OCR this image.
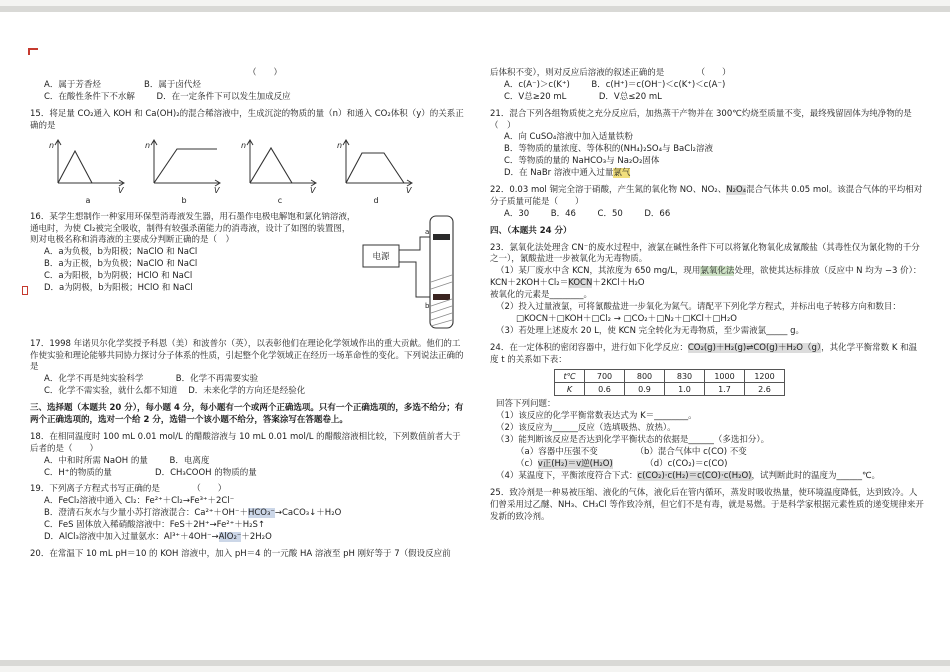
（　　）

A．属于芳香烃                B．属于卤代烃

C．在酸性条件下不水解        D．在一定条件下可以发生加成反应

15．将足量 CO₂通入 KOH 和 Ca(OH)₂的混合稀溶液中，生成沉淀的物质的量（n）和通入 CO₂体积（y）的关系正确的是

n
V
a
n
V
b
n
V
c
n
V
d
电源
a
b

16．某学生想制作一种家用环保型消毒液发生器，用石墨作电极电解饱和氯化钠溶液，通电时，为使 Cl₂被完全吸收，制得有较强杀菌能力的消毒液，设计了如图的装置图，则对电极名称和消毒液的主要成分判断正确的是（　）

A．a为负极，b为阳极；NaClO 和 NaCl

B．a为正极，b为负极；NaClO 和 NaCl

C．a为阳极，b为阴极；HClO 和 NaCl

D．a为阴极，b为阳极；HClO 和 NaCl

17．1998 年诺贝尔化学奖授予科恩（美）和波普尔（英），以表彰他们在理论化学领域作出的重大贡献。他们的工作使实验和理论能够共同协力探讨分子体系的性质，引起整个化学领域正在经历一场革命性的变化。下列说法正确的是

A．化学不再是纯实验科学            B．化学不再需要实验

C．化学不需实验，就什么都不知道    D．未来化学的方向还是经验化

三、选择题（本题共 20 分），每小题 4 分，每小题有一个或两个正确选项。只有一个正确选项的，多选不给分；有两个正确选项的，选对一个给 2 分，选错一个该小题不给分，答案涂写在答题卷上。

18．在相同温度时 100 mL 0.01 mol/L 的醋酸溶液与 10 mL 0.01 mol/L 的醋酸溶液相比较，下列数值前者大于后者的是（　　）

A．中和时所需 NaOH 的量        B．电离度

C．H⁺的物质的量                D．CH₃COOH 的物质的量

19．下列离子方程式书写正确的是            （　　）

A．FeCl₂溶液中通入 Cl₂：Fe²⁺＋Cl₂→Fe³⁺＋2Cl⁻

B．澄清石灰水与少量小苏打溶液混合：Ca²⁺＋OH⁻＋HCO₃⁻→CaCO₃↓＋H₂O

C．FeS 固体放入稀硝酸溶液中：FeS＋2H⁺→Fe²⁺＋H₂S↑

D．AlCl₃溶液中加入过量氨水：Al³⁺＋4OH⁻→AlO₂⁻＋2H₂O

20．在常温下 10 mL pH＝10 的 KOH 溶液中，加入 pH＝4 的一元酸 HA 溶液至 pH 刚好等于 7（假设反应前

后体积不变），则对反应后溶液的叙述正确的是            （　　）

A．c(A⁻)＞c(K⁺)        B．c(H⁺)＝c(OH⁻)＜c(K⁺)＜c(A⁻)

C．V总≥20 mL            D．V总≤20 mL

21．混合下列各组物质使之充分反应后，加热蒸干产物并在 300℃灼烧至质量不变，最终残留固体为纯净物的是（　）

A．向 CuSO₄溶液中加入适量铁粉

B．等物质的量浓度、等体积的(NH₄)₂SO₄与 BaCl₂溶液

C．等物质的量的 NaHCO₃与 Na₂O₂固体

D．在 NaBr 溶液中通入过量氯气

22．0.03 mol 铜完全溶于硝酸，产生氮的氧化物 NO、NO₂、N₂O₄混合气体共 0.05 mol。该混合气体的平均相对分子质量可能是（　　）

A．30        B．46        C．50        D．66

四、（本题共 24 分）

23．氯氧化法处理含 CN⁻的废水过程中，液氯在碱性条件下可以将氰化物氧化成氰酸盐（其毒性仅为氰化物的千分之一），氰酸盐进一步被氧化为无毒物质。

（1）某厂废水中含 KCN，其浓度为 650 mg/L，现用氯氧化法处理，欲使其达标排放（反应中 N 均为 −3 价）：

KCN＋2KOH＋Cl₂＝KOCN＋2KCl＋H₂O

被氧化的元素是________。

（2）投入过量液氯，可将氰酸盐进一步氧化为氮气。请配平下列化学方程式，并标出电子转移方向和数目：

□KOCN＋□KOH＋□Cl₂ → □CO₂＋□N₂＋□KCl＋□H₂O

（3）若处理上述废水 20 L，使 KCN 完全转化为无毒物质，至少需液氯_____ g。

24．在一定体积的密闭容器中，进行如下化学反应：CO₂(g)＋H₂(g)⇌CO(g)＋H₂O（g），其化学平衡常数 K 和温度 t 的关系如下表：

t℃	700	800	830	1000	1200
K	0.6	0.9	1.0	1.7	2.6

回答下列问题：

（1）该反应的化学平衡常数表达式为 K＝________。

（2）该反应为______反应（选填吸热、放热）。

（3）能判断该反应是否达到化学平衡状态的依据是______（多选扣分）。

（a）容器中压强不变              （b）混合气体中 c(CO) 不变

（c）v正(H₂)＝v逆(H₂O)            （d）c(CO₂)＝c(CO)

（4）某温度下，平衡浓度符合下式：c(CO₂)·c(H₂)＝c(CO)·c(H₂O)，试判断此时的温度为______℃。

25．致冷剂是一种易被压缩、液化的气体，液化后在管内循环，蒸发时吸收热量，使环境温度降低，达到致冷。人们曾采用过乙醚、NH₃、CH₃Cl 等作致冷剂，但它们不是有毒，就是易燃。于是科学家根据元素性质的递变规律来开发新的致冷剂。
